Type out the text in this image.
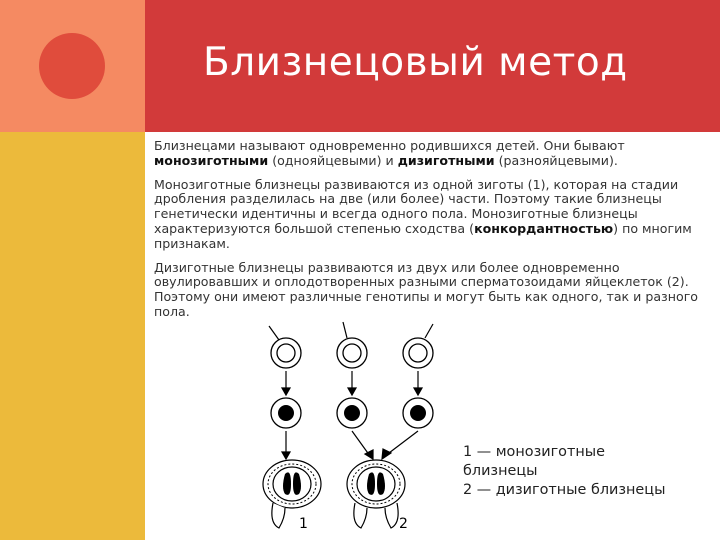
Близнецовый метод

Близнецами называют одновременно родившихся детей. Они бывают монозиготными (однояйцевыми) и дизиготными (разнояйцевыми).

Монозиготные близнецы развиваются из одной зиготы (1), которая на стадии дробления разделилась на две (или более) части. Поэтому такие близнецы генетически идентичны и всегда одного пола. Монозиготные близнецы характеризуются большой степенью сходства (конкордантностью) по многим признакам.

Дизиготные близнецы развиваются из двух или более одновременно овулировавших и оплодотворенных разными сперматозоидами яйцеклеток (2). Поэтому они имеют различные генотипы и могут быть как одного, так и разного пола.

1	2
1 — монозиготные
близнецы
2 — дизиготные близнецы
